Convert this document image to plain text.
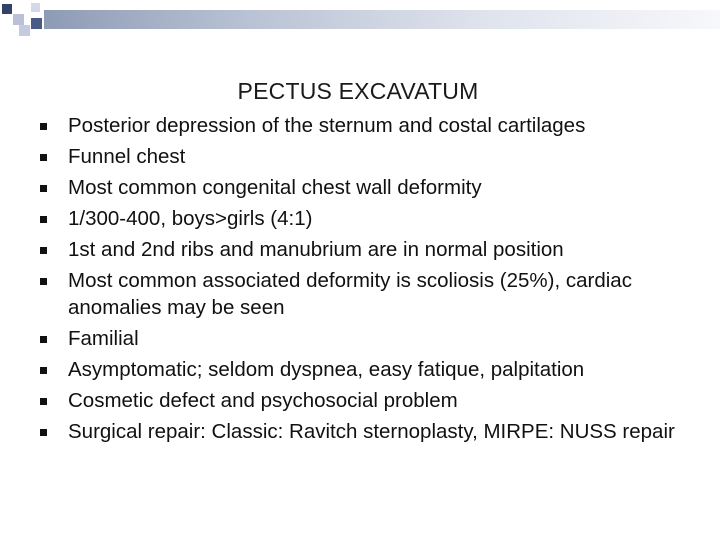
PECTUS EXCAVATUM
Posterior depression of the sternum and costal cartilages
Funnel chest
Most common congenital chest wall deformity
1/300-400, boys>girls (4:1)
1st and 2nd ribs and manubrium are in normal position
Most common associated deformity is scoliosis (25%), cardiac anomalies may be seen
Familial
Asymptomatic; seldom dyspnea, easy fatique, palpitation
Cosmetic defect and psychosocial problem
Surgical repair: Classic: Ravitch sternoplasty, MIRPE: NUSS repair
